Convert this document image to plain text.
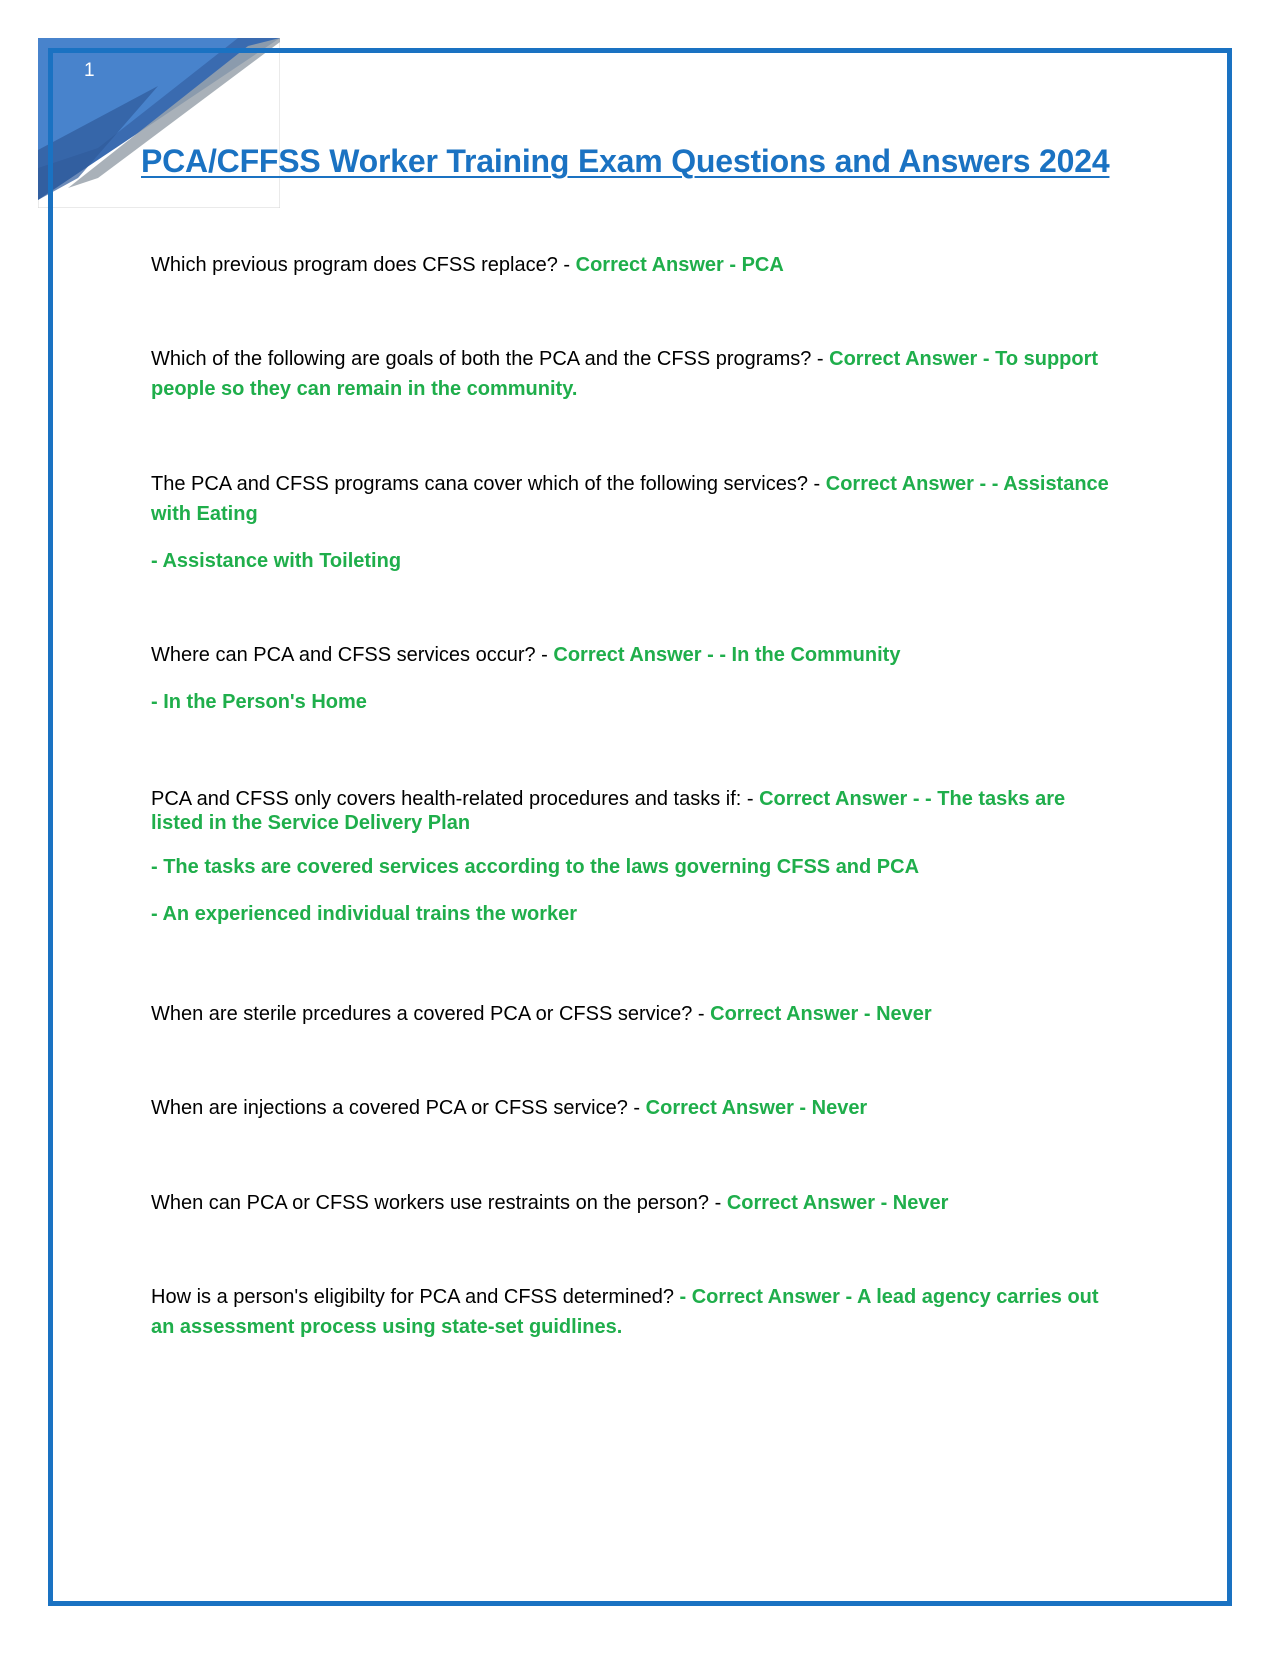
1
PCA/CFFSS Worker Training Exam Questions and Answers 2024

Which previous program does CFSS replace? - Correct Answer - PCA

Which of the following are goals of both the PCA and the CFSS programs? - Correct Answer - To support people so they can remain in the community.

The PCA and CFSS programs cana cover which of the following services? - Correct Answer - - Assistance with Eating

- Assistance with Toileting

Where can PCA and CFSS services occur? - Correct Answer - - In the Community

- In the Person's Home

PCA and CFSS only covers health-related procedures and tasks if: - Correct Answer - - The tasks are listed in the Service Delivery Plan

- The tasks are covered services according to the laws governing CFSS and PCA

- An experienced individual trains the worker

When are sterile prcedures a covered PCA or CFSS service? - Correct Answer - Never

When are injections a covered PCA or CFSS service? - Correct Answer - Never

When can PCA or CFSS workers use restraints on the person? - Correct Answer - Never

How is a person's eligibilty for PCA and CFSS determined? - Correct Answer - A lead agency carries out an assessment process using state-set guidlines.
